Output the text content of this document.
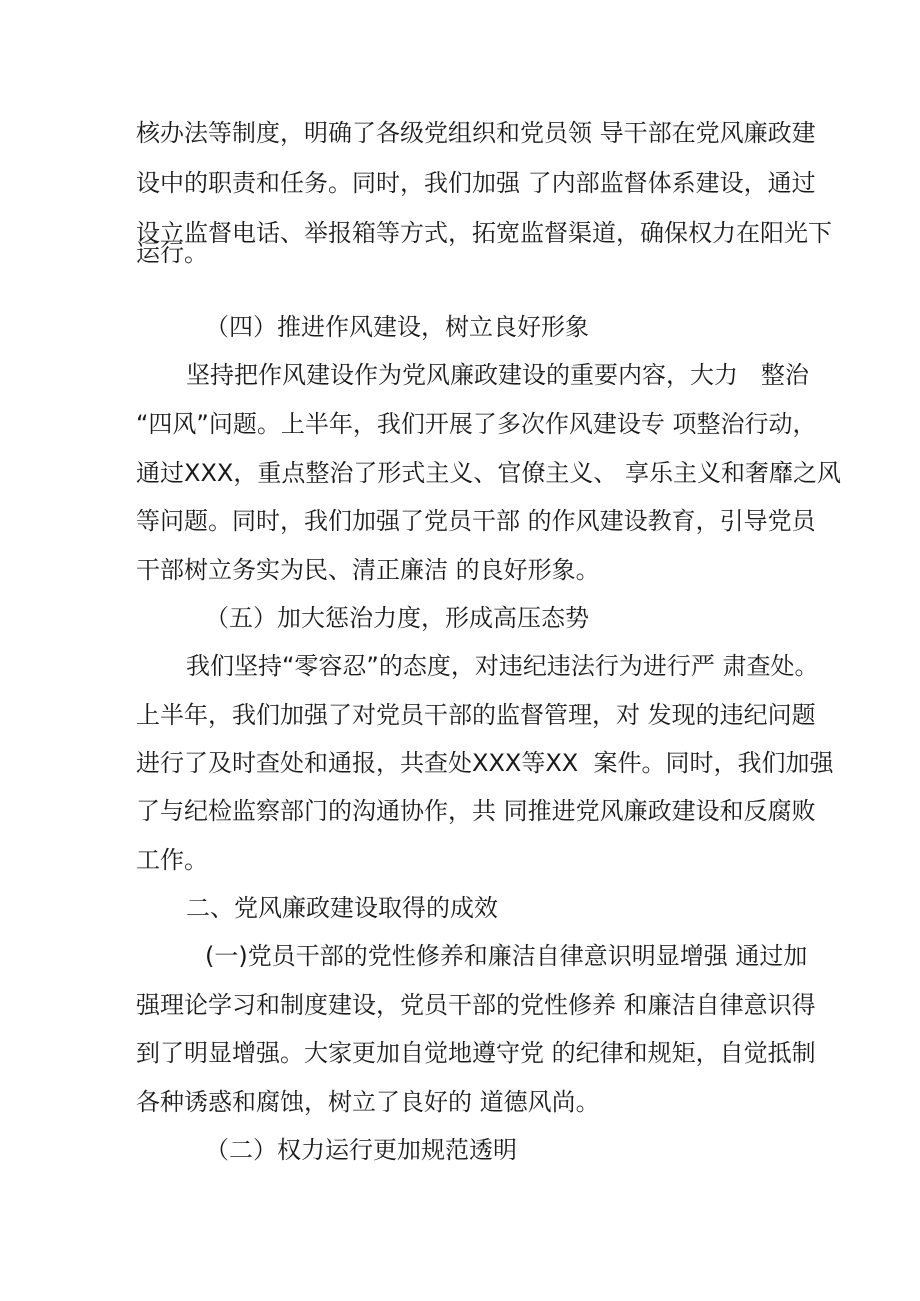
核办法等制度，明确了各级党组织和党员领 导干部在党风廉政建
设中的职责和任务。同时，我们加强 了内部监督体系建设，通过
设立监督电话、举报箱等方式，拓宽监督渠道，确保权力在阳光下
运行。
（四）推进作风建设，树立良好形象
坚持把作风建设作为党风廉政建设的重要内容，大力   整治
“四风”问题。上半年，我们开展了多次作风建设专 项整治行动，
通过XXX，重点整治了形式主义、官僚主义、 享乐主义和奢靡之风
等问题。同时，我们加强了党员干部 的作风建设教育，引导党员
干部树立务实为民、清正廉洁 的良好形象。
（五）加大惩治力度，形成高压态势
我们坚持“零容忍”的态度，对违纪违法行为进行严 肃查处。
上半年，我们加强了对党员干部的监督管理，对 发现的违纪问题
进行了及时查处和通报，共查处XXX等XX  案件。同时，我们加强
了与纪检监察部门的沟通协作，共 同推进党风廉政建设和反腐败
工作。
二、党风廉政建设取得的成效
(一)党员干部的党性修养和廉洁自律意识明显增强 通过加
强理论学习和制度建设，党员干部的党性修养 和廉洁自律意识得
到了明显增强。大家更加自觉地遵守党 的纪律和规矩，自觉抵制
各种诱惑和腐蚀，树立了良好的 道德风尚。
（二）权力运行更加规范透明
